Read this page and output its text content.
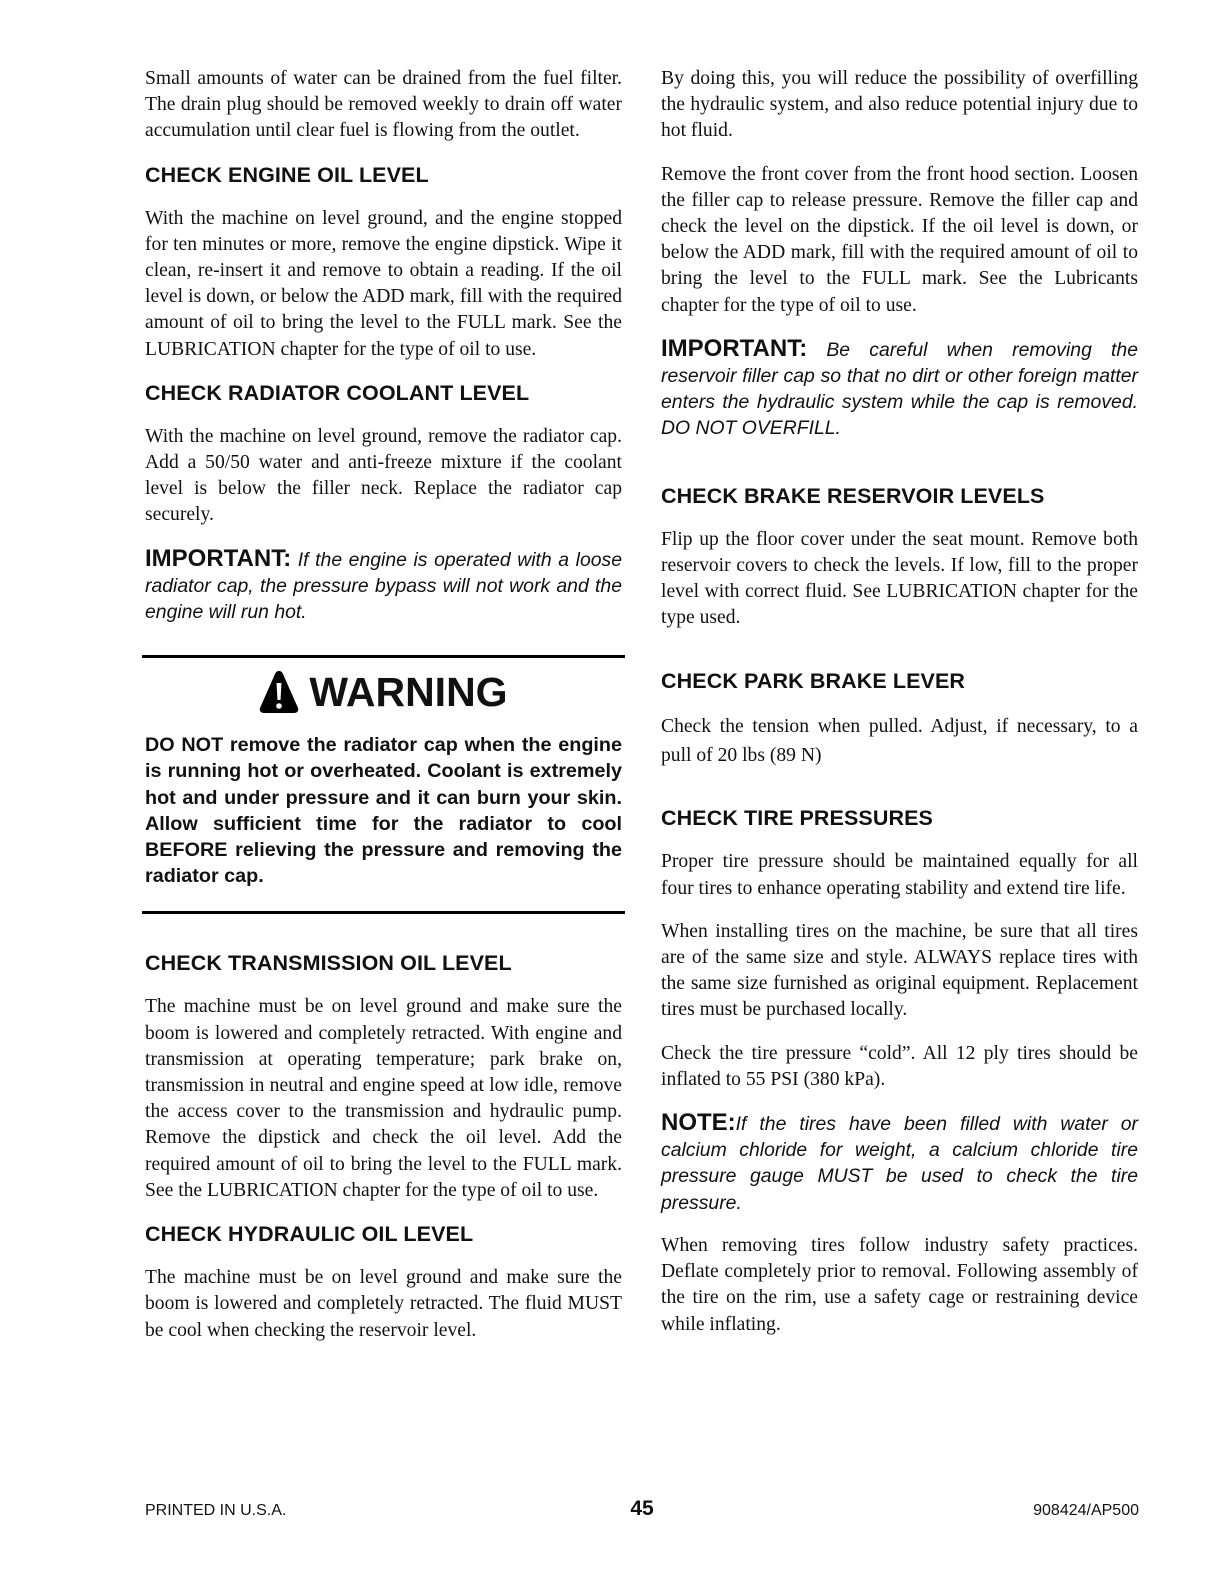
Small amounts of water can be drained from the fuel filter. The drain plug should be removed weekly to drain off water accumulation until clear fuel is flowing from the outlet.

CHECK ENGINE OIL LEVEL

With the machine on level ground, and the engine stopped for ten minutes or more, remove the engine dipstick. Wipe it clean, re-insert it and remove to obtain a reading. If the oil level is down, or below the ADD mark, fill with the required amount of oil to bring the level to the FULL mark. See the LUBRICATION chapter for the type of oil to use.

CHECK RADIATOR COOLANT LEVEL

With the machine on level ground, remove the radiator cap. Add a 50/50 water and anti-freeze mixture if the coolant level is below the filler neck. Replace the radiator cap securely.

IMPORTANT: If the engine is operated with a loose radiator cap, the pressure bypass will not work and the engine will run hot.

WARNING

DO NOT remove the radiator cap when the engine is running hot or overheated. Coolant is extremely hot and under pressure and it can burn your skin. Allow sufficient time for the radiator to cool BEFORE relieving the pressure and removing the radiator cap.

CHECK TRANSMISSION OIL LEVEL

The machine must be on level ground and make sure the boom is lowered and completely retracted. With engine and transmission at operating temperature; park brake on, transmission in neutral and engine speed at low idle, remove the access cover to the transmission and hydraulic pump. Remove the dipstick and check the oil level. Add the required amount of oil to bring the level to the FULL mark. See the LUBRICATION chapter for the type of oil to use.

CHECK HYDRAULIC OIL LEVEL

The machine must be on level ground and make sure the boom is lowered and completely retracted. The fluid MUST be cool when checking the reservoir level.

By doing this, you will reduce the possibility of overfilling the hydraulic system, and also reduce potential injury due to hot fluid.

Remove the front cover from the front hood section. Loosen the filler cap to release pressure. Remove the filler cap and check the level on the dipstick. If the oil level is down, or below the ADD mark, fill with the required amount of oil to bring the level to the FULL mark. See the Lubricants chapter for the type of oil to use.

IMPORTANT: Be careful when removing the reservoir filler cap so that no dirt or other foreign matter enters the hydraulic system while the cap is removed. DO NOT OVERFILL.

CHECK BRAKE RESERVOIR LEVELS

Flip up the floor cover under the seat mount. Remove both reservoir covers to check the levels. If low, fill to the proper level with correct fluid. See LUBRICATION chapter for the type used.

CHECK PARK BRAKE LEVER

Check the tension when pulled. Adjust, if necessary, to a pull of 20 lbs (89 N)

CHECK TIRE PRESSURES

Proper tire pressure should be maintained equally for all four tires to enhance operating stability and extend tire life.

When installing tires on the machine, be sure that all tires are of the same size and style. ALWAYS replace tires with the same size furnished as original equipment. Replacement tires must be purchased locally.

Check the tire pressure “cold”. All 12 ply tires should be inflated to 55 PSI (380 kPa).

NOTE:If the tires have been filled with water or calcium chloride for weight, a calcium chloride tire pressure gauge MUST be used to check the tire pressure.

When removing tires follow industry safety practices. Deflate completely prior to removal. Following assembly of the tire on the rim, use a safety cage or restraining device while inflating.

PRINTED IN U.S.A.	45	908424/AP500
